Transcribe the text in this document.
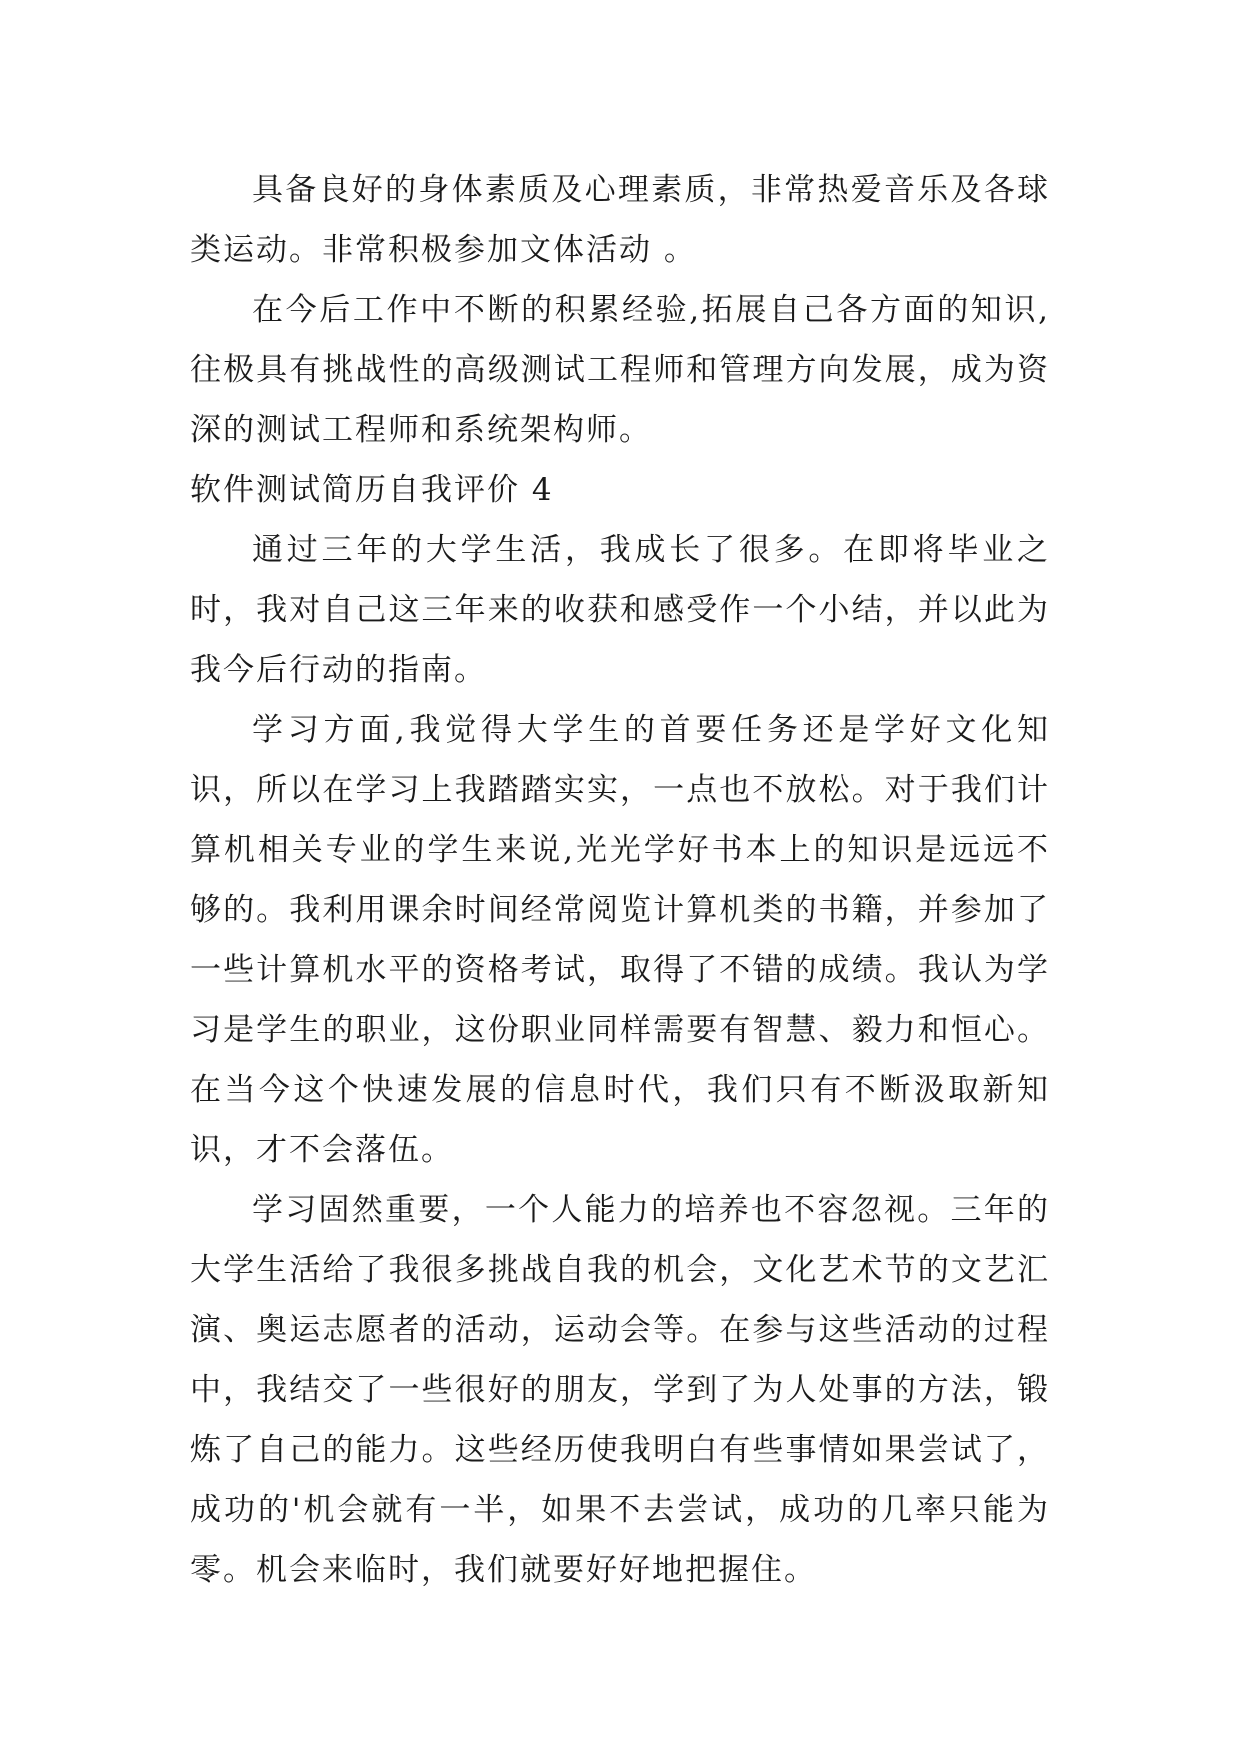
具备良好的身体素质及心理素质，非常热爱音乐及各球类运动。非常积极参加文体活动 。

在今后工作中不断的积累经验,拓展自己各方面的知识,往极具有挑战性的高级测试工程师和管理方向发展，成为资深的测试工程师和系统架构师。

软件测试简历自我评价 4

通过三年的大学生活，我成长了很多。在即将毕业之时，我对自己这三年来的收获和感受作一个小结，并以此为我今后行动的指南。

学习方面,我觉得大学生的首要任务还是学好文化知识，所以在学习上我踏踏实实，一点也不放松。对于我们计算机相关专业的学生来说,光光学好书本上的知识是远远不够的。我利用课余时间经常阅览计算机类的书籍，并参加了一些计算机水平的资格考试，取得了不错的成绩。我认为学习是学生的职业，这份职业同样需要有智慧、毅力和恒心。在当今这个快速发展的信息时代，我们只有不断汲取新知识，才不会落伍。

学习固然重要，一个人能力的培养也不容忽视。三年的大学生活给了我很多挑战自我的机会，文化艺术节的文艺汇演、奥运志愿者的活动，运动会等。在参与这些活动的过程中，我结交了一些很好的朋友，学到了为人处事的方法，锻炼了自己的能力。这些经历使我明白有些事情如果尝试了，成功的'机会就有一半，如果不去尝试，成功的几率只能为零。机会来临时，我们就要好好地把握住。
